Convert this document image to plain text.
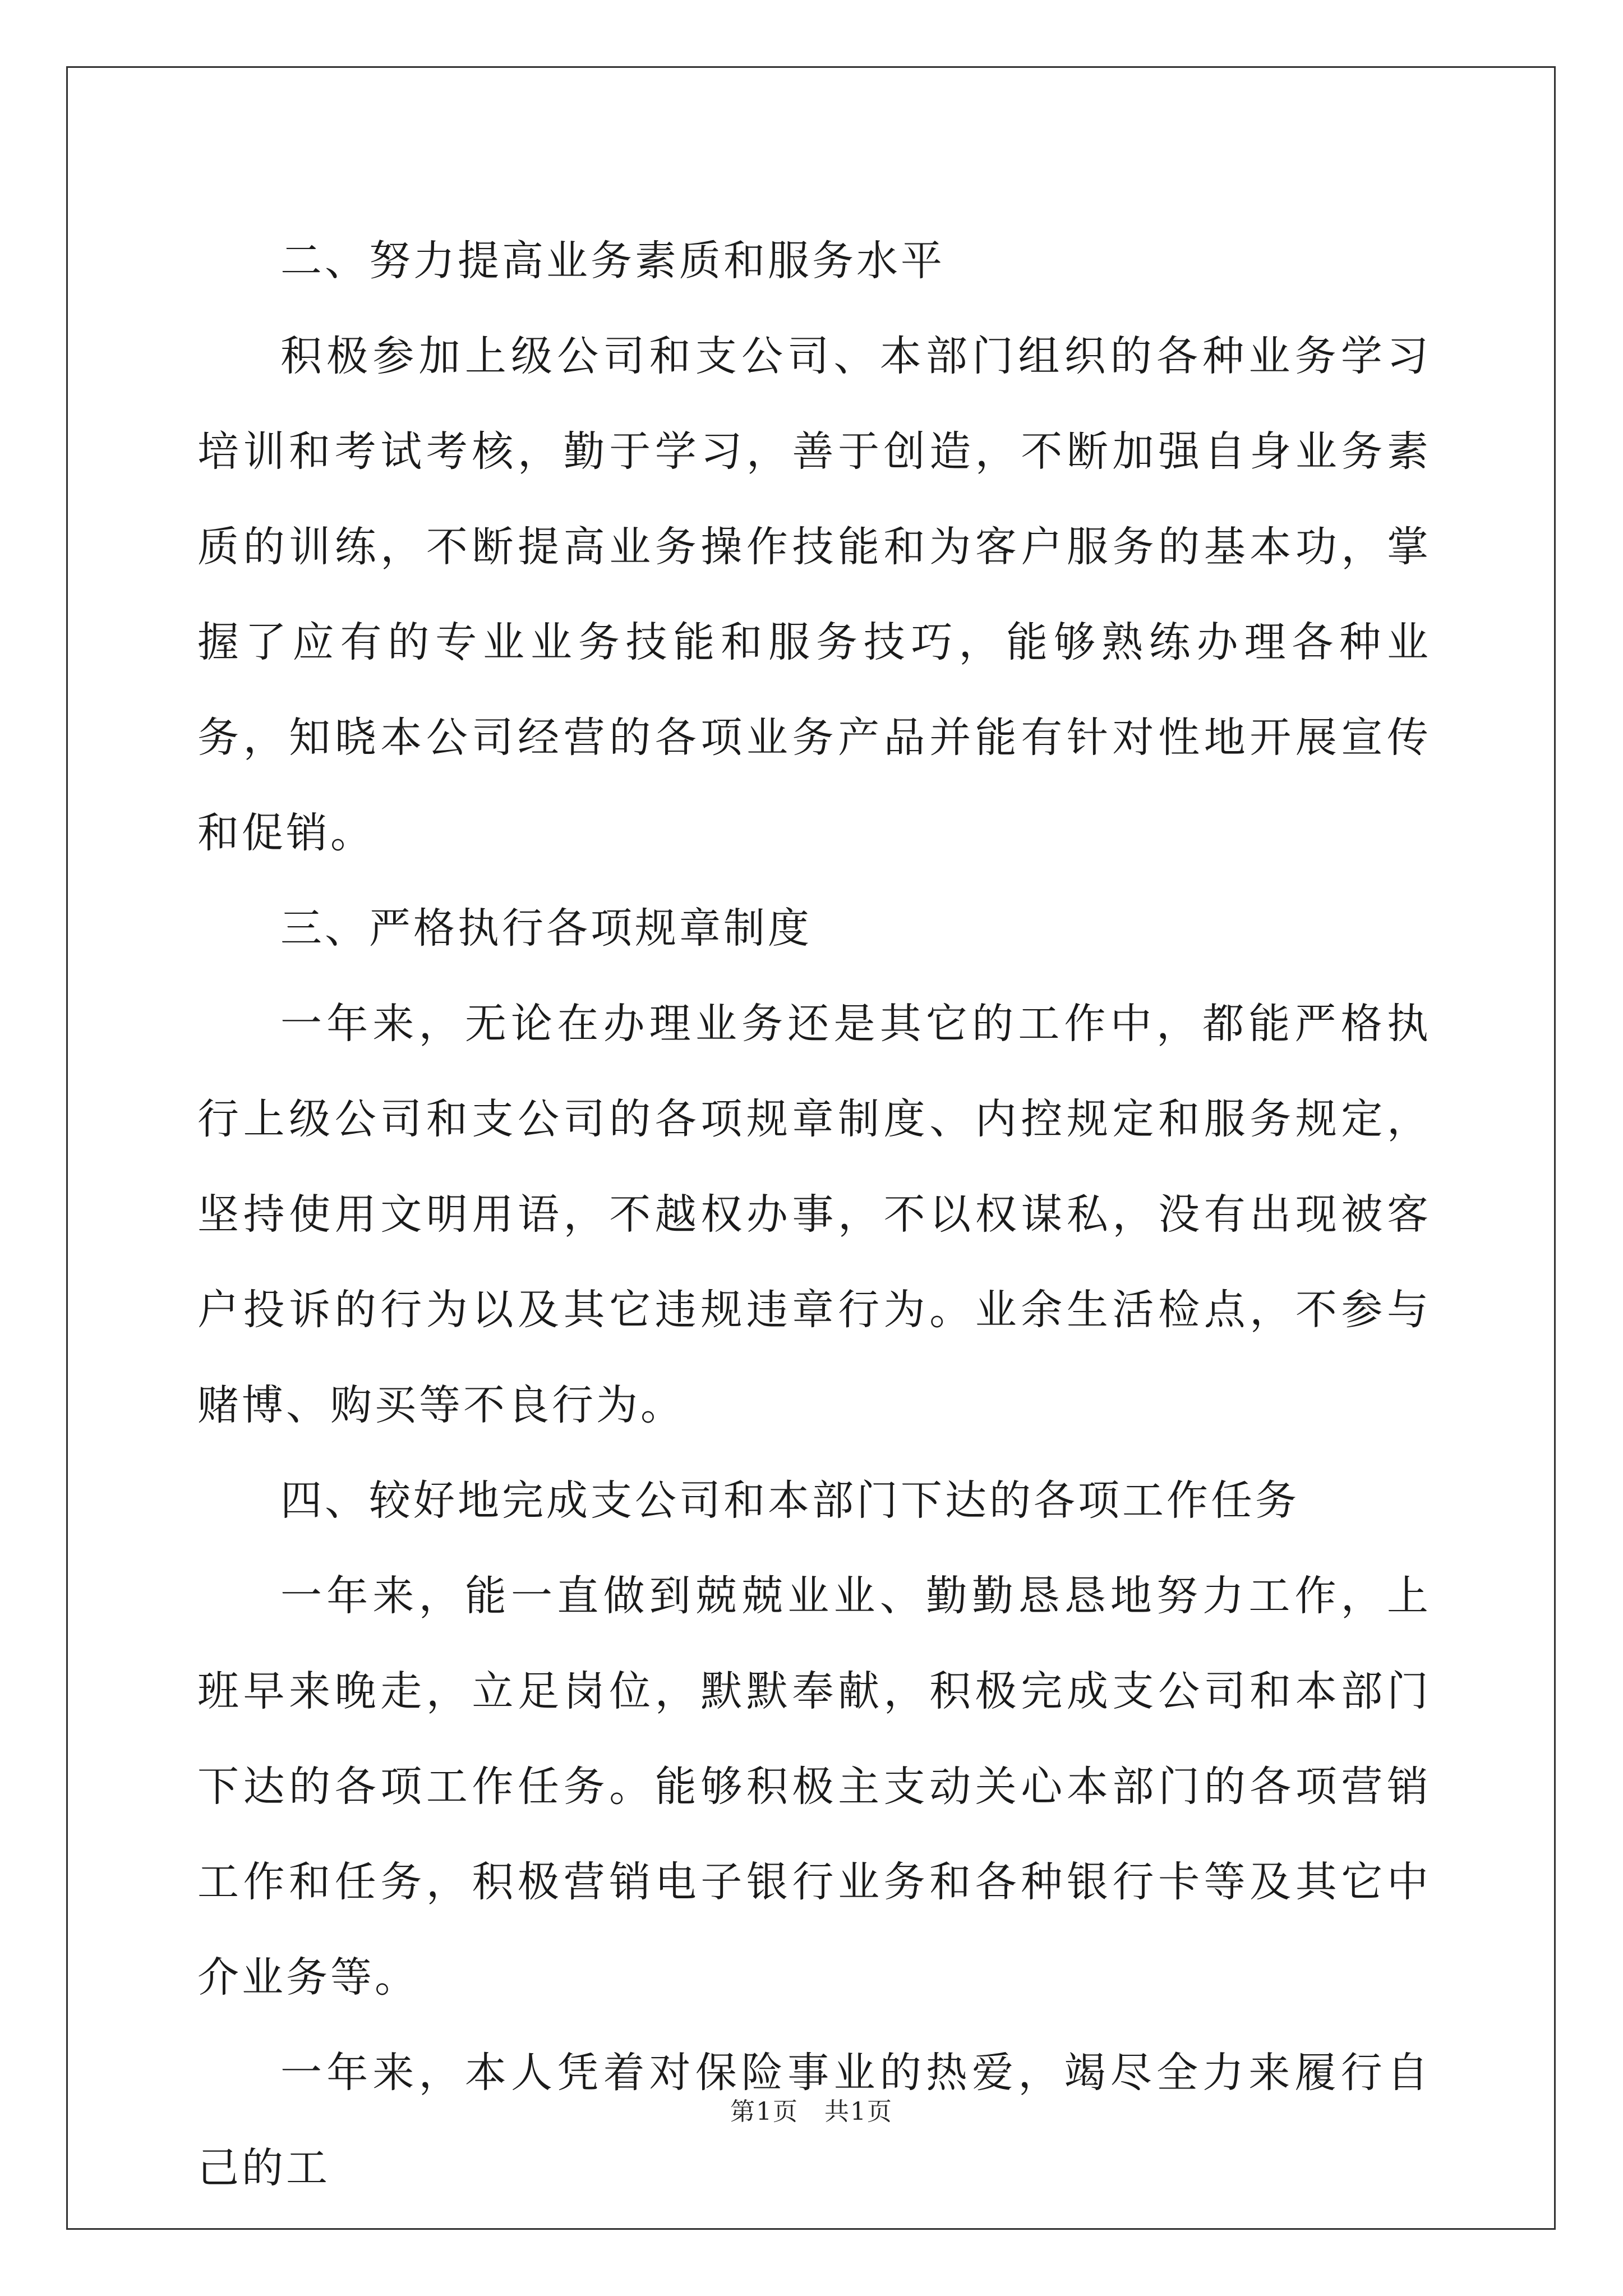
二、努力提高业务素质和服务水平

积极参加上级公司和支公司、本部门组织的各种业务学习培训和考试考核，勤于学习，善于创造，不断加强自身业务素质的训练，不断提高业务操作技能和为客户服务的基本功，掌握了应有的专业业务技能和服务技巧，能够熟练办理各种业务，知晓本公司经营的各项业务产品并能有针对性地开展宣传和促销。

三、严格执行各项规章制度

一年来，无论在办理业务还是其它的工作中，都能严格执行上级公司和支公司的各项规章制度、内控规定和服务规定，坚持使用文明用语，不越权办事，不以权谋私，没有出现被客户投诉的行为以及其它违规违章行为。业余生活检点，不参与赌博、购买等不良行为。

四、较好地完成支公司和本部门下达的各项工作任务

一年来，能一直做到兢兢业业、勤勤恳恳地努力工作，上班早来晚走，立足岗位，默默奉献，积极完成支公司和本部门下达的各项工作任务。能够积极主支动关心本部门的各项营销工作和任务，积极营销电子银行业务和各种银行卡等及其它中介业务等。

一年来，本人凭着对保险事业的热爱，竭尽全力来履行自己的工

第1页　共1页
